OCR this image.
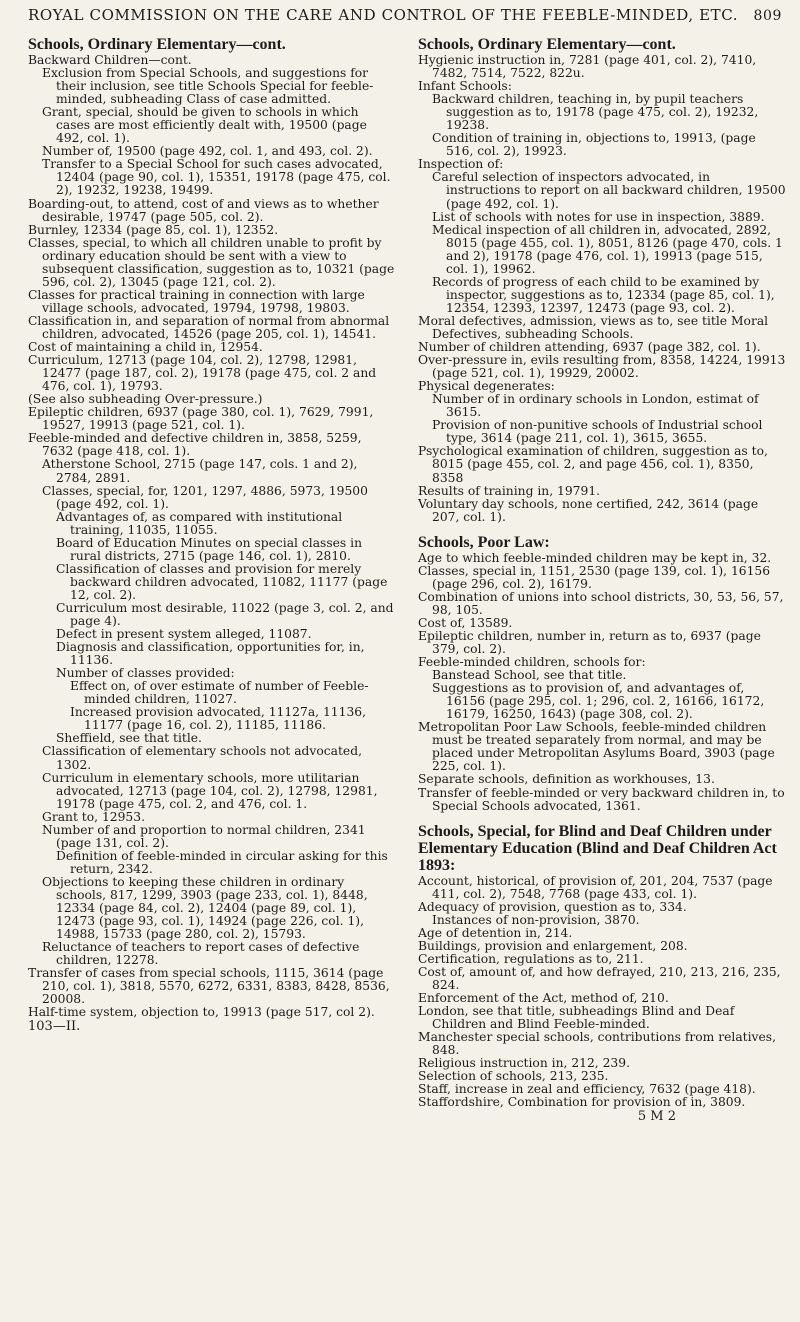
ROYAL COMMISSION ON THE CARE AND CONTROL OF THE FEEBLE-MINDED, ETC.	809
Schools, Ordinary Elementary—cont.

Backward Children—cont.

Exclusion from Special Schools, and suggestions for their inclusion, see title Schools Special for feeble-minded, subheading Class of case admitted.

Grant, special, should be given to schools in which cases are most efficiently dealt with, 19500 (page 492, col. 1).

Number of, 19500 (page 492, col. 1, and 493, col. 2).

Transfer to a Special School for such cases advocated, 12404 (page 90, col. 1), 15351, 19178 (page 475, col. 2), 19232, 19238, 19499.

Boarding-out, to attend, cost of and views as to whether desirable, 19747 (page 505, col. 2).

Burnley, 12334 (page 85, col. 1), 12352.

Classes, special, to which all children unable to profit by ordinary education should be sent with a view to subsequent classification, suggestion as to, 10321 (page 596, col. 2), 13045 (page 121, col. 2).

Classes for practical training in connection with large village schools, advocated, 19794, 19798, 19803.

Classification in, and separation of normal from abnormal children, advocated, 14526 (page 205, col. 1), 14541.

Cost of maintaining a child in, 12954.

Curriculum, 12713 (page 104, col. 2), 12798, 12981, 12477 (page 187, col. 2), 19178 (page 475, col. 2 and 476, col. 1), 19793.

(See also subheading Over-pressure.)

Epileptic children, 6937 (page 380, col. 1), 7629, 7991, 19527, 19913 (page 521, col. 1).

Feeble-minded and defective children in, 3858, 5259, 7632 (page 418, col. 1).

Atherstone School, 2715 (page 147, cols. 1 and 2), 2784, 2891.

Classes, special, for, 1201, 1297, 4886, 5973, 19500 (page 492, col. 1).

Advantages of, as compared with institutional training, 11035, 11055.

Board of Education Minutes on special classes in rural districts, 2715 (page 146, col. 1), 2810.

Classification of classes and provision for merely backward children advocated, 11082, 11177 (page 12, col. 2).

Curriculum most desirable, 11022 (page 3, col. 2, and page 4).

Defect in present system alleged, 11087.

Diagnosis and classification, opportunities for, in, 11136.

Number of classes provided:

Effect on, of over estimate of number of Feeble-minded children, 11027.

Increased provision advocated, 11127a, 11136, 11177 (page 16, col. 2), 11185, 11186.

Sheffield, see that title.

Classification of elementary schools not advocated, 1302.

Curriculum in elementary schools, more utilitarian advocated, 12713 (page 104, col. 2), 12798, 12981, 19178 (page 475, col. 2, and 476, col. 1.

Grant to, 12953.

Number of and proportion to normal children, 2341 (page 131, col. 2).

Definition of feeble-minded in circular asking for this return, 2342.

Objections to keeping these children in ordinary schools, 817, 1299, 3903 (page 233, col. 1), 8448, 12334 (page 84, col. 2), 12404 (page 89, col. 1), 12473 (page 93, col. 1), 14924 (page 226, col. 1), 14988, 15733 (page 280, col. 2), 15793.

Reluctance of teachers to report cases of defective children, 12278.

Transfer of cases from special schools, 1115, 3614 (page 210, col. 1), 3818, 5570, 6272, 6331, 8383, 8428, 8536, 20008.

Half-time system, objection to, 19913 (page 517, col 2).

103—II.
Schools, Ordinary Elementary—cont.

Hygienic instruction in, 7281 (page 401, col. 2), 7410, 7482, 7514, 7522, 822u.

Infant Schools:

Backward children, teaching in, by pupil teachers suggestion as to, 19178 (page 475, col. 2), 19232, 19238.

Condition of training in, objections to, 19913, (page 516, col. 2), 19923.

Inspection of:

Careful selection of inspectors advocated, in instructions to report on all backward children, 19500 (page 492, col. 1).

List of schools with notes for use in inspection, 3889.

Medical inspection of all children in, advocated, 2892, 8015 (page 455, col. 1), 8051, 8126 (page 470, cols. 1 and 2), 19178 (page 476, col. 1), 19913 (page 515, col. 1), 19962.

Records of progress of each child to be examined by inspector, suggestions as to, 12334 (page 85, col. 1), 12354, 12393, 12397, 12473 (page 93, col. 2).

Moral defectives, admission, views as to, see title Moral Defectives, subheading Schools.

Number of children attending, 6937 (page 382, col. 1).

Over-pressure in, evils resulting from, 8358, 14224, 19913 (page 521, col. 1), 19929, 20002.

Physical degenerates:

Number of in ordinary schools in London, estimat of 3615.

Provision of non-punitive schools of Industrial school type, 3614 (page 211, col. 1), 3615, 3655.

Psychological examination of children, suggestion as to, 8015 (page 455, col. 2, and page 456, col. 1), 8350, 8358

Results of training in, 19791.

Voluntary day schools, none certified, 242, 3614 (page 207, col. 1).

Schools, Poor Law:

Age to which feeble-minded children may be kept in, 32.

Classes, special in, 1151, 2530 (page 139, col. 1), 16156 (page 296, col. 2), 16179.

Combination of unions into school districts, 30, 53, 56, 57, 98, 105.

Cost of, 13589.

Epileptic children, number in, return as to, 6937 (page 379, col. 2).

Feeble-minded children, schools for:

Banstead School, see that title.

Suggestions as to provision of, and advantages of, 16156 (page 295, col. 1; 296, col. 2, 16166, 16172, 16179, 16250, 1643) (page 308, col. 2).

Metropolitan Poor Law Schools, feeble-minded children must be treated separately from normal, and may be placed under Metropolitan Asylums Board, 3903 (page 225, col. 1).

Separate schools, definition as workhouses, 13.

Transfer of feeble-minded or very backward children in, to Special Schools advocated, 1361.

Schools, Special, for Blind and Deaf Children under Elementary Education (Blind and Deaf Children Act 1893:

Account, historical, of provision of, 201, 204, 7537 (page 411, col. 2), 7548, 7768 (page 433, col. 1).

Adequacy of provision, question as to, 334.

Instances of non-provision, 3870.

Age of detention in, 214.

Buildings, provision and enlargement, 208.

Certification, regulations as to, 211.

Cost of, amount of, and how defrayed, 210, 213, 216, 235, 824.

Enforcement of the Act, method of, 210.

London, see that title, subheadings Blind and Deaf Children and Blind Feeble-minded.

Manchester special schools, contributions from relatives, 848.

Religious instruction in, 212, 239.

Selection of schools, 213, 235.

Staff, increase in zeal and efficiency, 7632 (page 418).

Staffordshire, Combination for provision of in, 3809.

5 M 2
